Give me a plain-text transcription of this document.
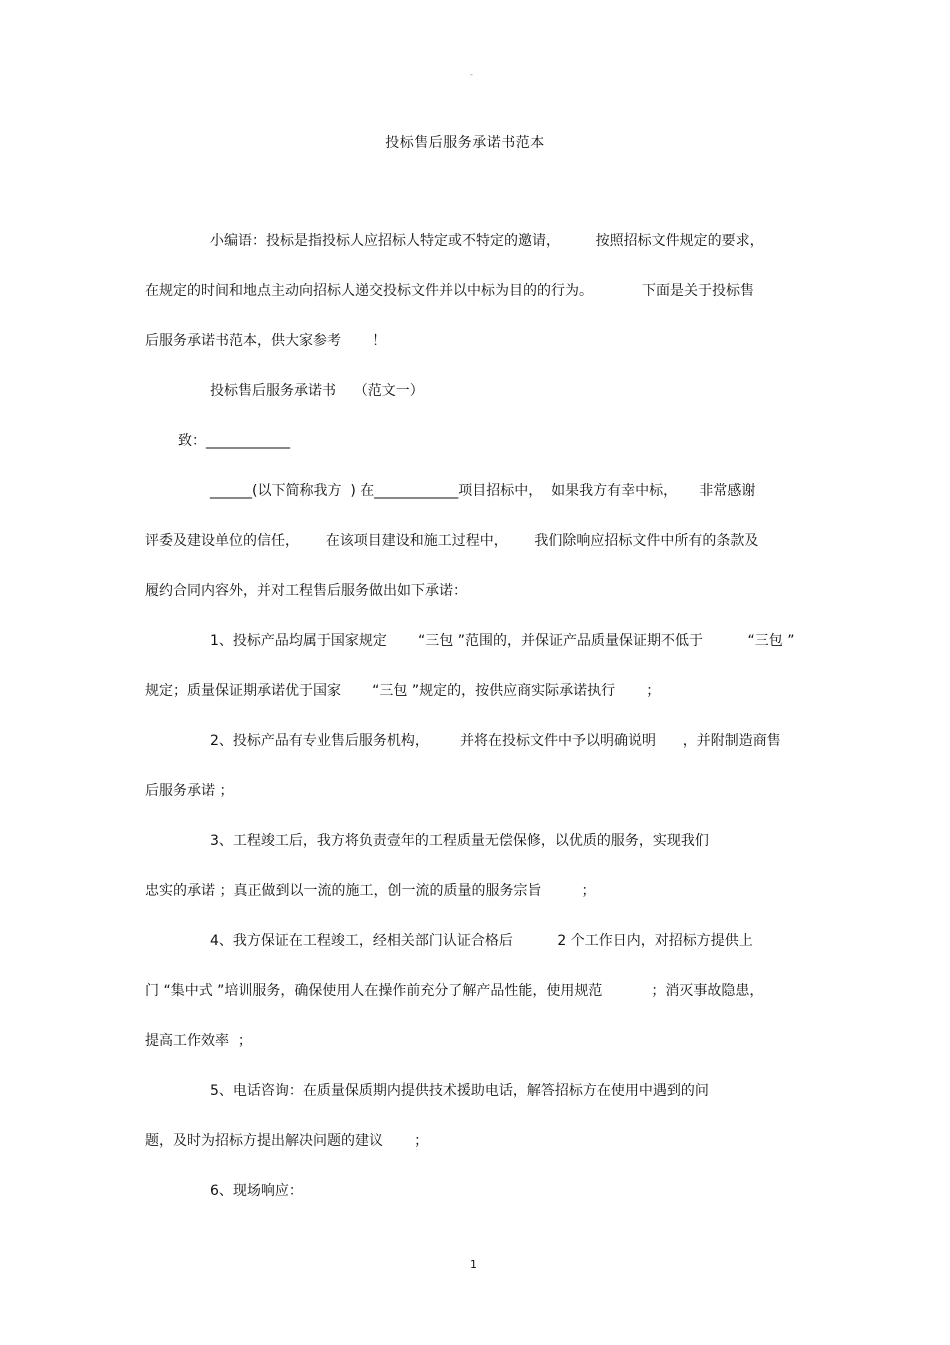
-
投标售后服务承诺书范本
小编语：投标是指投标人应招标人特定或不特定的邀请，        按照招标文件规定的要求，
在规定的时间和地点主动向招标人递交投标文件并以中标为目的的行为。           下面是关于投标售
后服务承诺书范本，供大家参考       ！
投标售后服务承诺书    （范文一）
致：____________
______(以下简称我方  ) 在____________项目招标中，  如果我方有幸中标，     非常感谢
评委及建设单位的信任，      在该项目建设和施工过程中，      我们除响应招标文件中所有的条款及
履约合同内容外，并对工程售后服务做出如下承诺：
1、投标产品均属于国家规定       “三包 ”范围的，并保证产品质量保证期不低于          “三包 ”
规定；质量保证期承诺优于国家       “三包 ”规定的，按供应商实际承诺执行       ；
2、投标产品有专业售后服务机构，       并将在投标文件中予以明确说明      ，并附制造商售
后服务承诺 ；
3、工程竣工后，我方将负责壹年的工程质量无偿保修，以优质的服务，实现我们
忠实的承诺 ；真正做到以一流的施工，创一流的质量的服务宗旨         ；
4、我方保证在工程竣工，经相关部门认证合格后          2 个工作日内，对招标方提供上
门 “集中式 ”培训服务，确保使用人在操作前充分了解产品性能，使用规范           ；消灭事故隐患，
提高工作效率  ；
5、电话咨询：在质量保质期内提供技术援助电话，解答招标方在使用中遇到的问
题，及时为招标方提出解决问题的建议       ；
6、现场响应：
1
